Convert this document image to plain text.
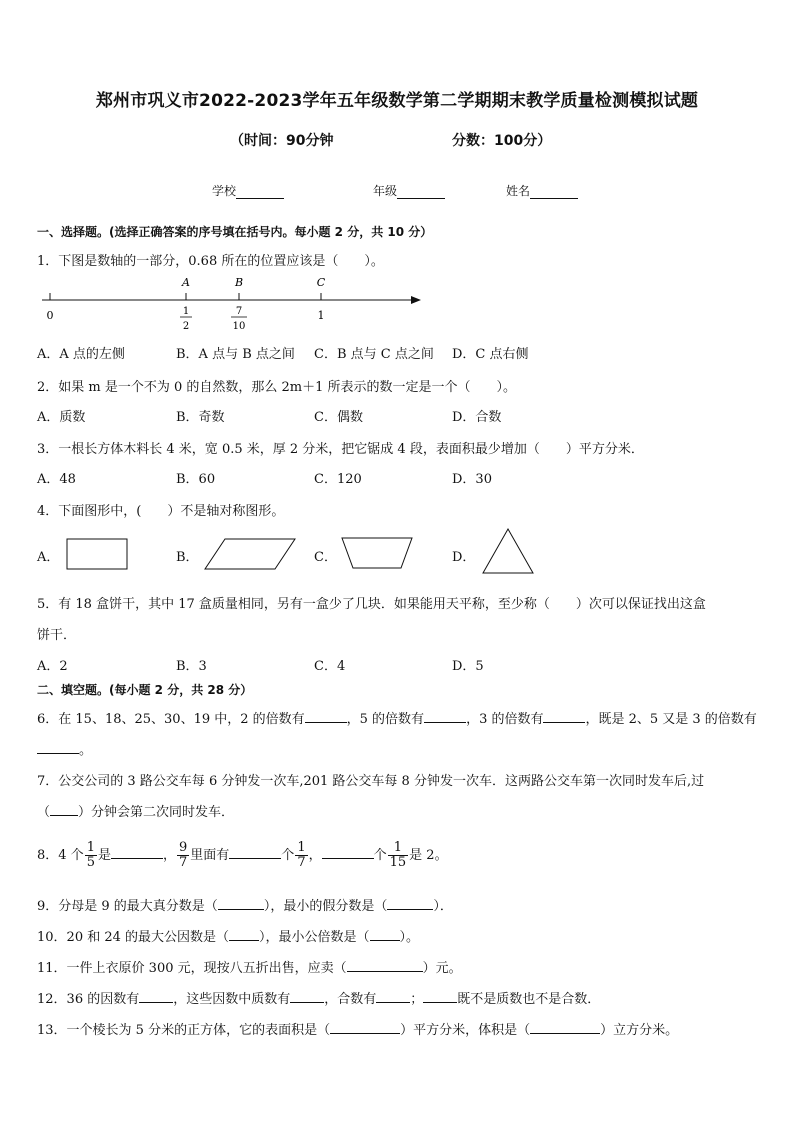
郑州市巩义市2022-2023学年五年级数学第二学期期末教学质量检测模拟试题
（时间：90分钟	分数：100分）
学校	年级	姓名
一、选择题。(选择正确答案的序号填在括号内。每小题 2 分，共 10 分）
1．下图是数轴的一部分，0.68 所在的位置应该是（　　）。
A	B	C
0	1
1
2
7
10
A．A 点的左侧	B．A 点与 B 点之间 C．B 点与 C 点之间 D．C 点右侧
2．如果 m 是一个不为 0 的自然数，那么 2m＋1 所表示的数一定是一个（　　）。
A．质数	B．奇数	C．偶数	D．合数
3．一根长方体木料长 4 米，宽 0.5 米，厚 2 分米，把它锯成 4 段，表面积最少增加（　　）平方分米．
A．48	B．60	C．120	D．30
4．下面图形中，(　　）不是轴对称图形。
A．	B．	C．	D．
5．有 18 盒饼干，其中 17 盒质量相同，另有一盒少了几块．如果能用天平称，至少称（　　）次可以保证找出这盒
饼干．
A．2	B．3	C．4	D．5
二、填空题。(每小题 2 分，共 28 分）
6．在 15、18、25、30、19 中，2 的倍数有	，5 的倍数有	，3 的倍数有	，既是 2、5 又是 3 的倍数有
。
7．公交公司的 3 路公交车每 6 分钟发一次车,201 路公交车每 8 分钟发一次车．这两路公交车第一次同时发车后,过
（ ）分钟会第二次同时发车．
8．4 个 $\frac{1}{5}$ 是	， $\frac{9}{7}$ 里面有	个 $\frac{1}{7}$ ，	个 $\frac{1}{15}$ 是 2。
9．分母是 9 的最大真分数是（	），最小的假分数是（	）．
10．20 和 24 的最大公因数是（ ），最小公倍数是（ ）。
11．一件上衣原价 300 元，现按八五折出售，应卖（	）元。
12．36 的因数有	，这些因数中质数有	，合数有	；	既不是质数也不是合数．
13．一个棱长为 5 分米的正方体，它的表面积是（	）平方分米，体积是（	）立方分米。
